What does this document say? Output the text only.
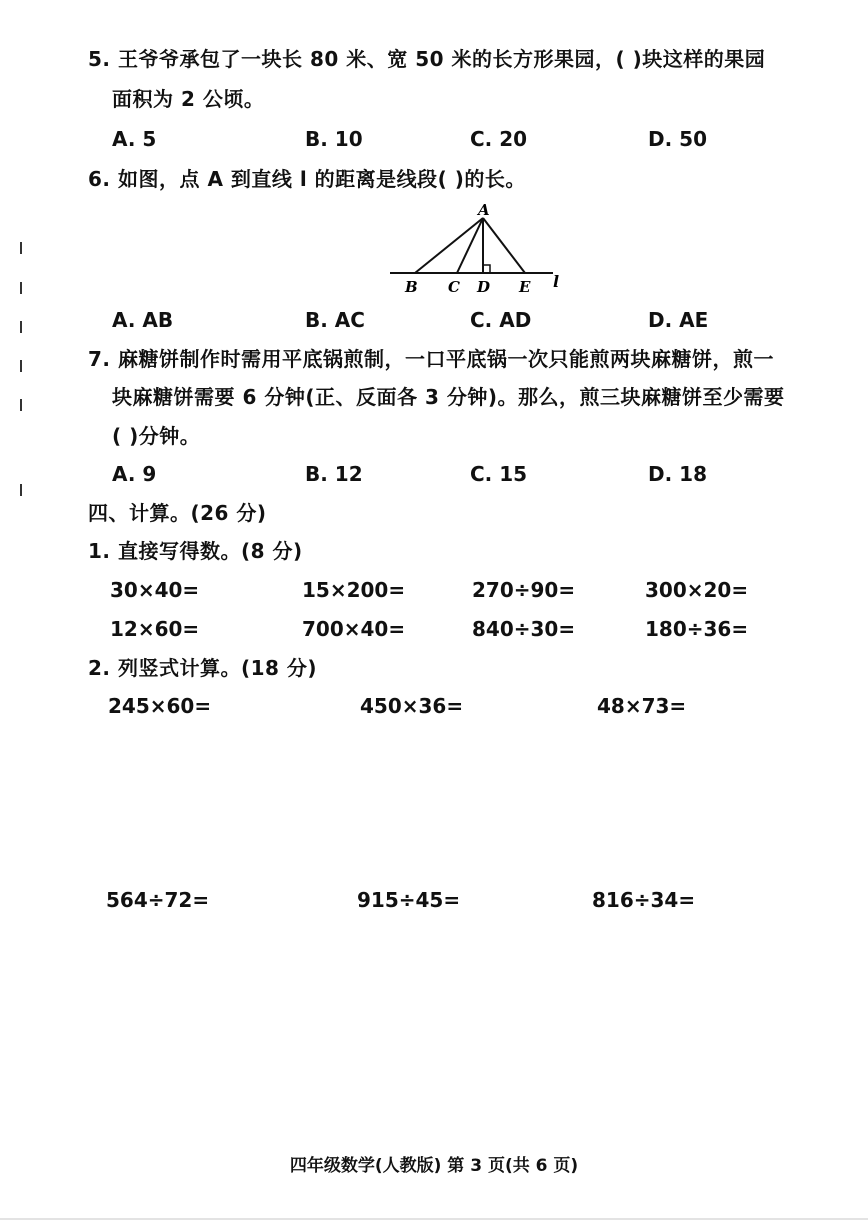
5. 王爷爷承包了一块长 80 米、宽 50 米的长方形果园，( )块这样的果园
面积为 2 公顷。
A. 5	B. 10	C. 20	D. 50
6. 如图，点 A 到直线 l 的距离是线段( )的长。
A
B C D E l
A. AB	B. AC	C. AD	D. AE
7. 麻糖饼制作时需用平底锅煎制，一口平底锅一次只能煎两块麻糖饼，煎一
块麻糖饼需要 6 分钟(正、反面各 3 分钟)。那么，煎三块麻糖饼至少需要
( )分钟。
A. 9	B. 12	C. 15	D. 18
四、计算。(26 分)
1. 直接写得数。(8 分)
30×40=	15×200=	270÷90=	300×20=
12×60=	700×40=	840÷30=	180÷36=
2. 列竖式计算。(18 分)
245×60=	450×36=	48×73=
564÷72=	915÷45=	816÷34=
四年级数学(人教版) 第 3 页(共 6 页)
